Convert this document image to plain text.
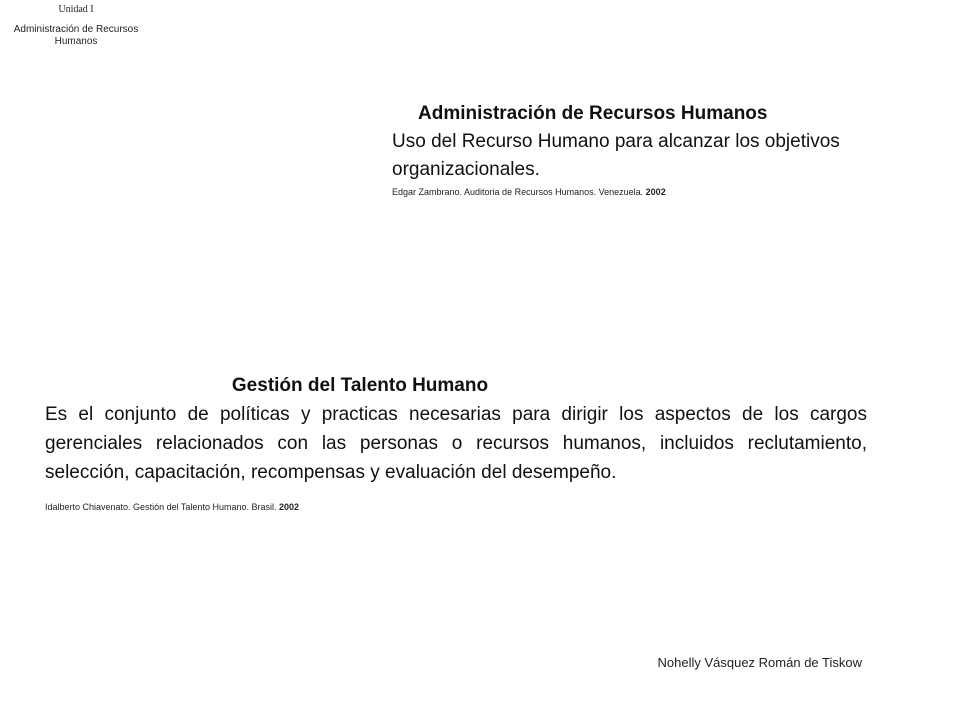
Unidad I
Administración de Recursos Humanos
Administración de Recursos Humanos
Uso del Recurso Humano para alcanzar los objetivos organizacionales.
Edgar Zambrano. Auditoria de Recursos Humanos. Venezuela. 2002
Gestión del Talento Humano
Es el conjunto de políticas y practicas necesarias para dirigir los aspectos de los cargos gerenciales relacionados con las personas o recursos humanos, incluidos reclutamiento, selección, capacitación, recompensas y evaluación del desempeño.
Idalberto Chiavenato. Gestión del Talento Humano. Brasil. 2002
Nohelly Vásquez Román de Tiskow
